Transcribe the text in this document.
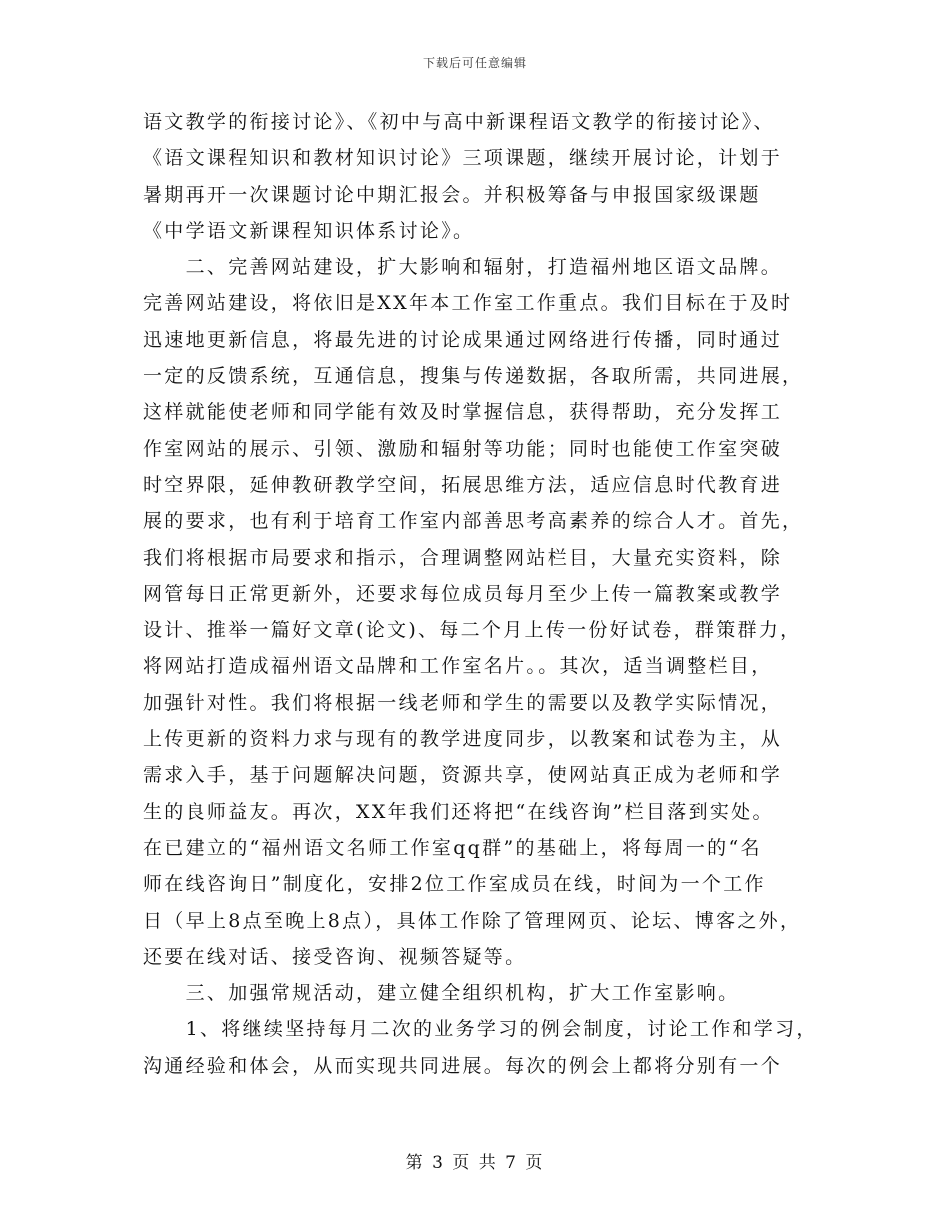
下载后可任意编辑
语文教学的衔接讨论》、《初中与高中新课程语文教学的衔接讨论》、
《语文课程知识和教材知识讨论》三项课题，继续开展讨论，计划于
暑期再开一次课题讨论中期汇报会。并积极筹备与申报国家级课题
《中学语文新课程知识体系讨论》。
　　二、完善网站建设，扩大影响和辐射，打造福州地区语文品牌。
完善网站建设，将依旧是XX年本工作室工作重点。我们目标在于及时
迅速地更新信息，将最先进的讨论成果通过网络进行传播，同时通过
一定的反馈系统，互通信息，搜集与传递数据，各取所需，共同进展，
这样就能使老师和同学能有效及时掌握信息，获得帮助，充分发挥工
作室网站的展示、引领、激励和辐射等功能；同时也能使工作室突破
时空界限，延伸教研教学空间，拓展思维方法，适应信息时代教育进
展的要求，也有利于培育工作室内部善思考高素养的综合人才。首先，
我们将根据市局要求和指示，合理调整网站栏目，大量充实资料，除
网管每日正常更新外，还要求每位成员每月至少上传一篇教案或教学
设计、推举一篇好文章(论文)、每二个月上传一份好试卷，群策群力，
将网站打造成福州语文品牌和工作室名片。。其次，适当调整栏目，
加强针对性。我们将根据一线老师和学生的需要以及教学实际情况，
上传更新的资料力求与现有的教学进度同步，以教案和试卷为主，从
需求入手，基于问题解决问题，资源共享，使网站真正成为老师和学
生的良师益友。再次，XX年我们还将把“在线咨询”栏目落到实处。
在已建立的“福州语文名师工作室qq群”的基础上，将每周一的“名
师在线咨询日”制度化，安排2位工作室成员在线，时间为一个工作
日（早上8点至晚上8点），具体工作除了管理网页、论坛、博客之外，
还要在线对话、接受咨询、视频答疑等。
　　三、加强常规活动，建立健全组织机构，扩大工作室影响。
　　1、将继续坚持每月二次的业务学习的例会制度，讨论工作和学习，
沟通经验和体会，从而实现共同进展。每次的例会上都将分别有一个
第 3 页 共 7 页
